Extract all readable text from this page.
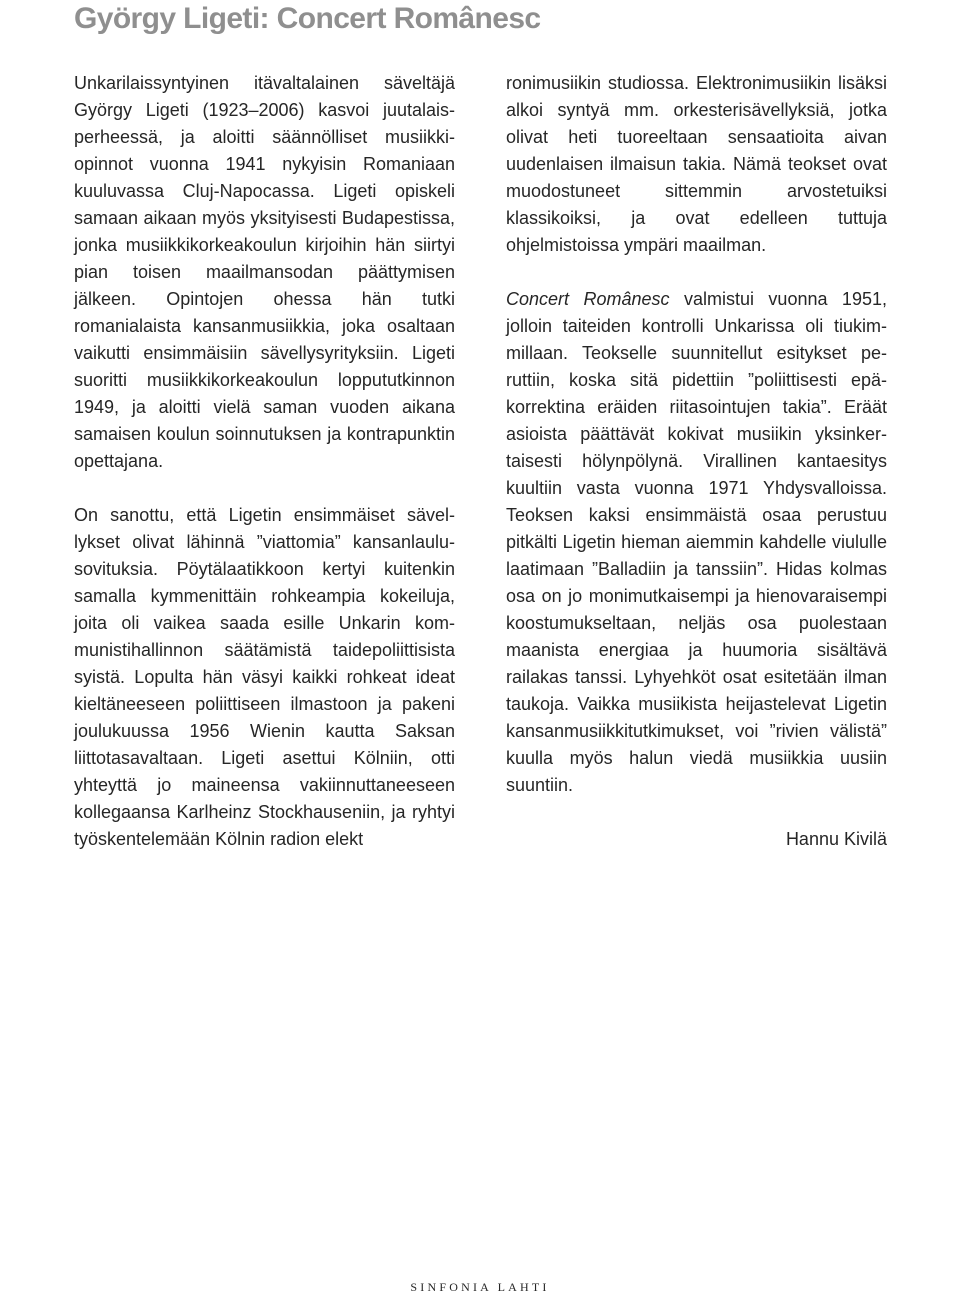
György Ligeti: Concert Românesc

Unkarilaissyntyinen itävaltalainen säveltäjä György Ligeti (1923–2006) kasvoi juutalaisperheessä, ja aloitti säännölliset musiikkiopinnot vuonna 1941 nykyisin Romaniaan kuuluvassa Cluj-Napocassa. Ligeti opiskeli samaan aikaan myös yksityisesti Budapestissa, jonka musiikkikorkeakoulun kirjoihin hän siirtyi pian toisen maailmansodan päättymisen jälkeen. Opintojen ohessa hän tutki romanialaista kansanmusiikkia, joka osaltaan vaikutti ensimmäisiin sävellysyrityksiin. Ligeti suoritti musiikkikorkeakoulun loppututkinnon 1949, ja aloitti vielä saman vuoden aikana samaisen koulun soinnutuksen ja kontrapunktin opettajana.

On sanottu, että Ligetin ensimmäiset sävellykset olivat lähinnä ”viattomia” kansanlaulusovituksia. Pöytälaatikkoon kertyi kuitenkin samalla kymmenittäin rohkeampia kokeiluja, joita oli vaikea saada esille Unkarin kommunistihallinnon säätämistä taidepoliittisista syistä. Lopulta hän väsyi kaikki rohkeat ideat kieltäneeseen poliittiseen ilmastoon ja pakeni joulukuussa 1956 Wienin kautta Saksan liittotasavaltaan. Ligeti asettui Kölniin, otti yhteyttä jo maineensa vakiinnuttaneeseen kollegaansa Karlheinz Stockhauseniin, ja ryhtyi työskentelemään Kölnin radion elekt

ronimusiikin studiossa. Elektronimusiikin lisäksi alkoi syntyä mm. orkesterisävellyksiä, jotka olivat heti tuoreeltaan sensaatioita aivan uudenlaisen ilmaisun takia. Nämä teokset ovat muodostuneet sittemmin arvostetuiksi klassikoiksi, ja ovat edelleen tuttuja ohjelmistoissa ympäri maailman.

Concert Românesc valmistui vuonna 1951, jolloin taiteiden kontrolli Unkarissa oli tiukimmillaan. Teokselle suunnitellut esitykset peruttiin, koska sitä pidettiin ”poliittisesti epäkorrektina eräiden riitasointujen takia”. Eräät asioista päättävät kokivat musiikin yksinkertaisesti hölynpölynä. Virallinen kantaesitys kuultiin vasta vuonna 1971 Yhdysvalloissa. Teoksen kaksi ensimmäistä osaa perustuu pitkälti Ligetin hieman aiemmin kahdelle viululle laatimaan ”Balladiin ja tanssiin”. Hidas kolmas osa on jo monimutkaisempi ja hienovaraisempi koostumukseltaan, neljäs osa puolestaan maanista energiaa ja huumoria sisältävä railakas tanssi. Lyhyehköt osat esitetään ilman taukoja. Vaikka musiikista heijastelevat Ligetin kansanmusiikkitutkimukset, voi ”rivien välistä” kuulla myös halun viedä musiikkia uusiin suuntiin.

Hannu Kivilä

SINFONIA LAHTI
